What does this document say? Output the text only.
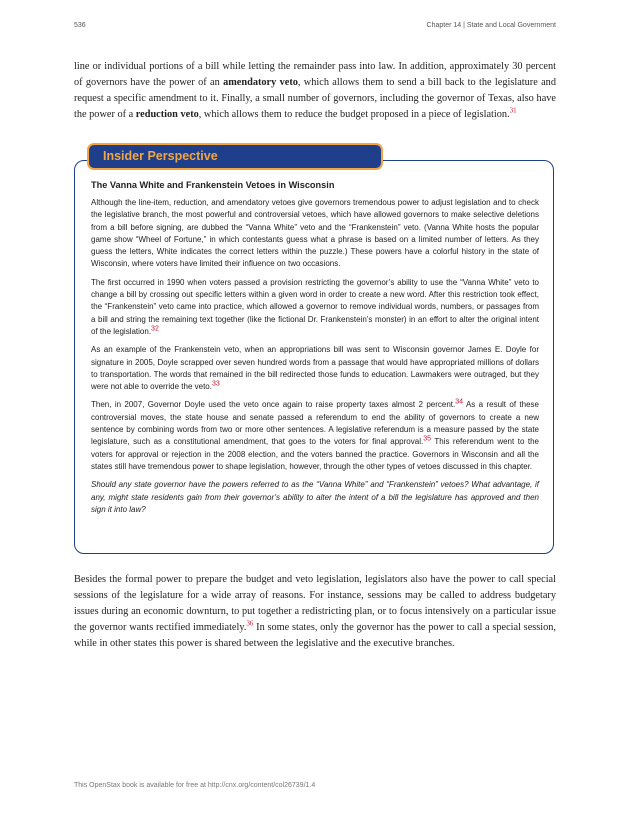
536	Chapter 14 | State and Local Government

line or individual portions of a bill while letting the remainder pass into law. In addition, approximately 30 percent of governors have the power of an amendatory veto, which allows them to send a bill back to the legislature and request a specific amendment to it. Finally, a small number of governors, including the governor of Texas, also have the power of a reduction veto, which allows them to reduce the budget proposed in a piece of legislation.$^{31}$

Insider Perspective

The Vanna White and Frankenstein Vetoes in Wisconsin

Although the line-item, reduction, and amendatory vetoes give governors tremendous power to adjust legislation and to check the legislative branch, the most powerful and controversial vetoes, which have allowed governors to make selective deletions from a bill before signing, are dubbed the “Vanna White” veto and the “Frankenstein” veto. (Vanna White hosts the popular game show “Wheel of Fortune,” in which contestants guess what a phrase is based on a limited number of letters. As they guess the letters, White indicates the correct letters within the puzzle.) These powers have a colorful history in the state of Wisconsin, where voters have limited their influence on two occasions.

The first occurred in 1990 when voters passed a provision restricting the governor’s ability to use the “Vanna White” veto to change a bill by crossing out specific letters within a given word in order to create a new word. After this restriction took effect, the “Frankenstein” veto came into practice, which allowed a governor to remove individual words, numbers, or passages from a bill and string the remaining text together (like the fictional Dr. Frankenstein’s monster) in an effort to alter the original intent of the legislation.32

As an example of the Frankenstein veto, when an appropriations bill was sent to Wisconsin governor James E. Doyle for signature in 2005, Doyle scrapped over seven hundred words from a passage that would have appropriated millions of dollars to transportation. The words that remained in the bill redirected those funds to education. Lawmakers were outraged, but they were not able to override the veto.33

Then, in 2007, Governor Doyle used the veto once again to raise property taxes almost 2 percent.34 As a result of these controversial moves, the state house and senate passed a referendum to end the ability of governors to create a new sentence by combining words from two or more other sentences. A legislative referendum is a measure passed by the state legislature, such as a constitutional amendment, that goes to the voters for final approval.35 This referendum went to the voters for approval or rejection in the 2008 election, and the voters banned the practice. Governors in Wisconsin and all the states still have tremendous power to shape legislation, however, through the other types of vetoes discussed in this chapter.

Should any state governor have the powers referred to as the “Vanna White” and “Frankenstein” vetoes? What advantage, if any, might state residents gain from their governor’s ability to alter the intent of a bill the legislature has approved and then sign it into law?

Besides the formal power to prepare the budget and veto legislation, legislators also have the power to call special sessions of the legislature for a wide array of reasons. For instance, sessions may be called to address budgetary issues during an economic downturn, to put together a redistricting plan, or to focus intensively on a particular issue the governor wants rectified immediately.$^{36}$ In some states, only the governor has the power to call a special session, while in other states this power is shared between the legislative and the executive branches.

This OpenStax book is available for free at http://cnx.org/content/col26739/1.4
